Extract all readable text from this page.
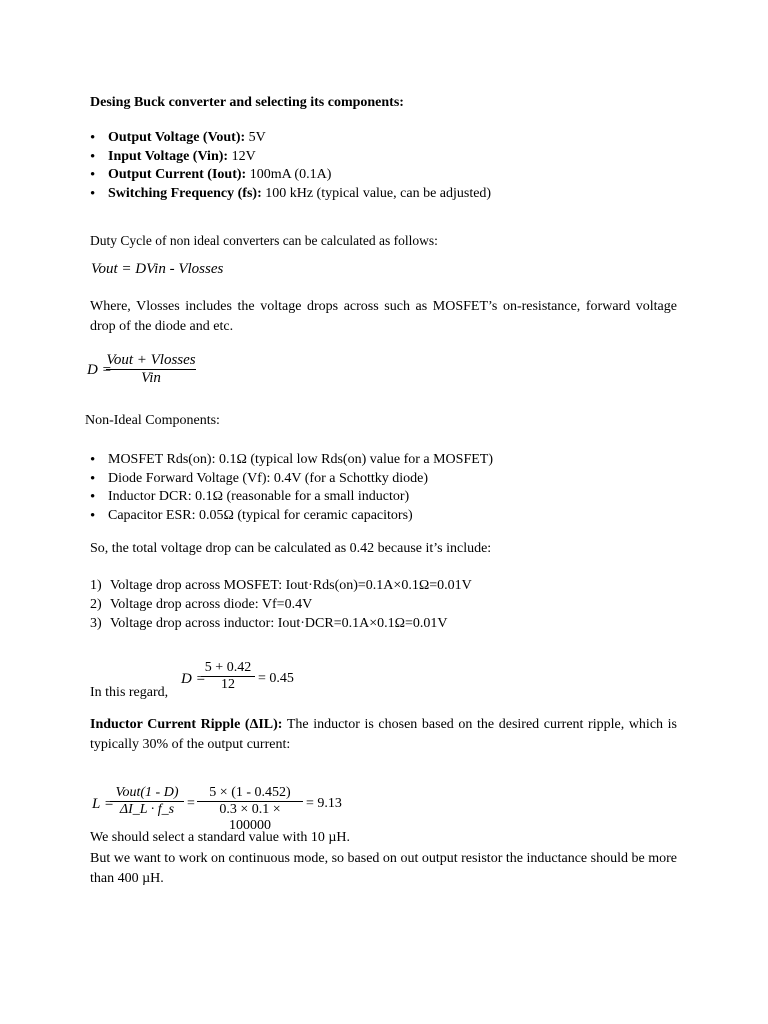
Desing Buck converter and selecting its components:
• Output Voltage (Vout): 5V
• Input Voltage (Vin): 12V
• Output Current (Iout): 100mA (0.1A)
• Switching Frequency (fs): 100 kHz (typical value, can be adjusted)
Duty Cycle of non ideal converters can be calculated as follows:
Vout = DVin - Vlosses
Where, Vlosses includes the voltage drops across such as MOSFET’s on-resistance, forward voltage drop of the diode and etc.
D =
Vout + Vlosses
Vin
Non-Ideal Components:
• MOSFET Rds(on): 0.1Ω (typical low Rds(on) value for a MOSFET)
• Diode Forward Voltage (Vf): 0.4V (for a Schottky diode)
• Inductor DCR: 0.1Ω (reasonable for a small inductor)
• Capacitor ESR: 0.05Ω (typical for ceramic capacitors)
So, the total voltage drop can be calculated as 0.42 because it’s include:
1) Voltage drop across MOSFET: Iout·Rds(on)=0.1A×0.1Ω=0.01V
2) Voltage drop across diode: Vf=0.4V
3) Voltage drop across inductor: Iout·DCR=0.1A×0.1Ω=0.01V
In this regard,
D =
5 + 0.42
12	= 0.45
Inductor Current Ripple (ΔIL): The inductor is chosen based on the desired current ripple, which is typically 30% of the output current:
L =
Vout(1 - D)
ΔI_L · f_s =
5 × (1 - 0.452)
0.3 × 0.1 × 100000
= 9.13
We should select a standard value with 10 µH.
But we want to work on continuous mode, so based on out output resistor the inductance should be more than 400 µH.
